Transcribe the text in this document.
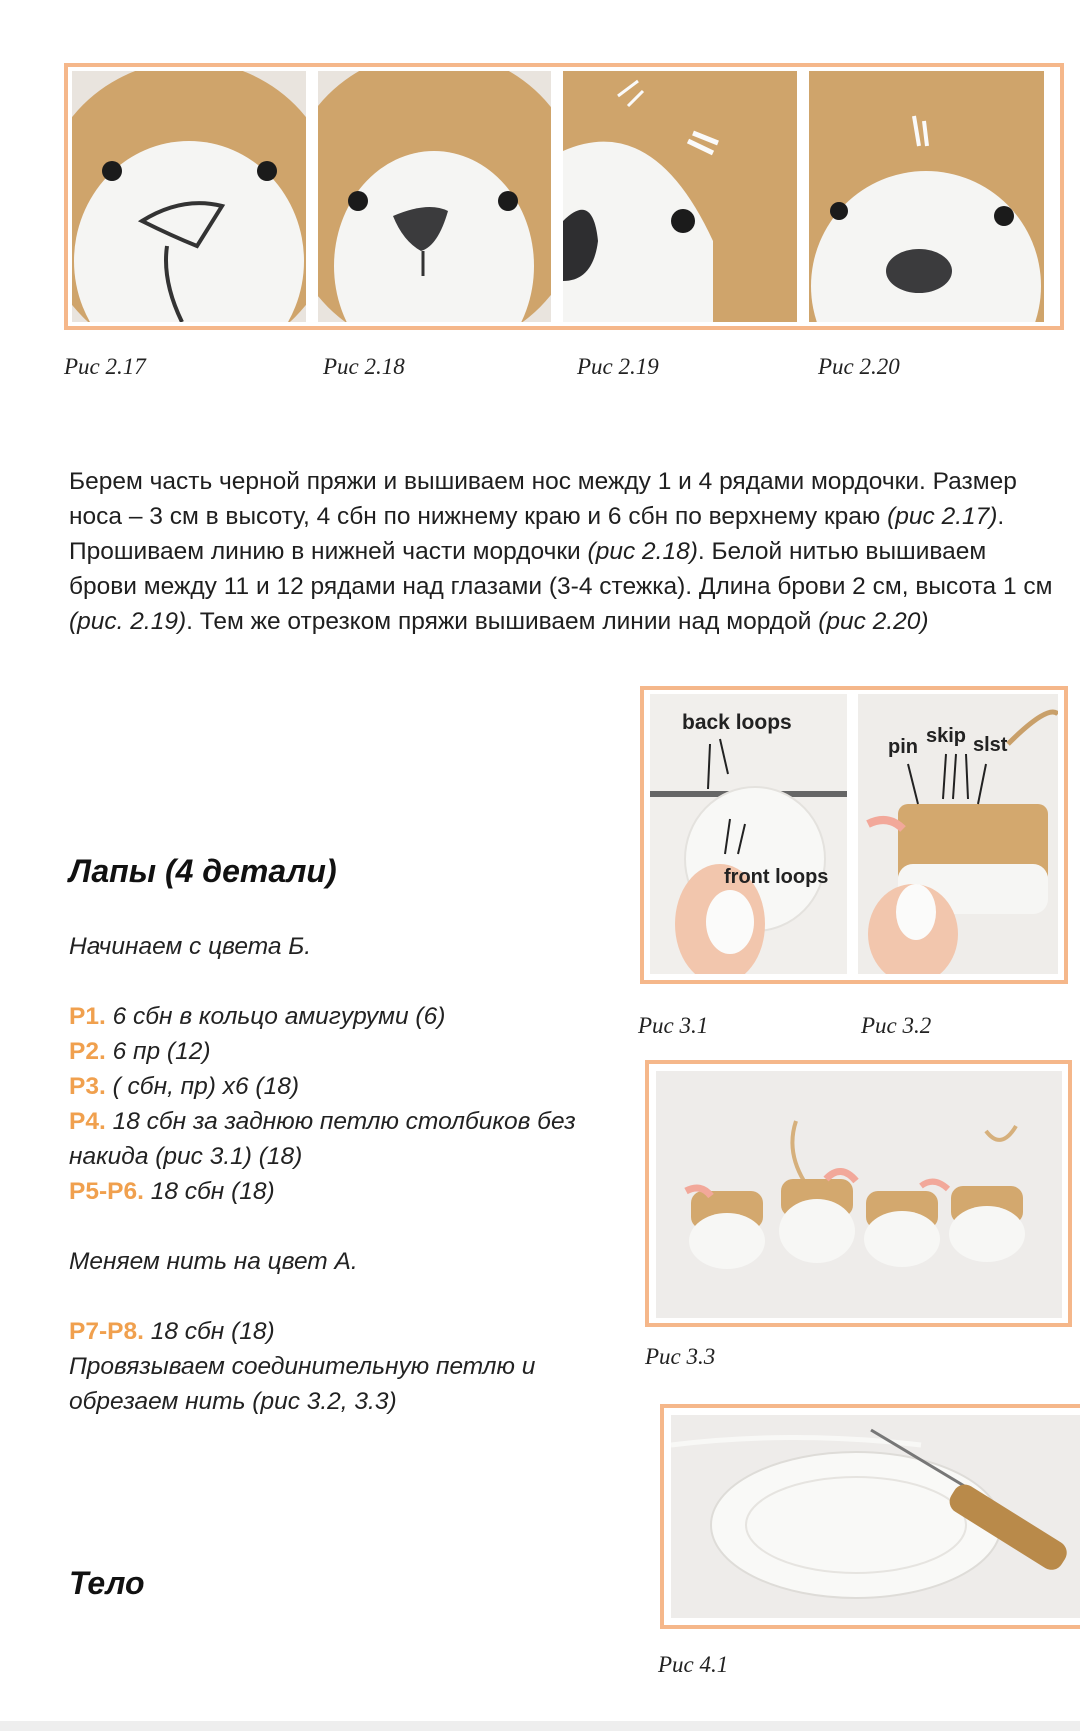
Рис 2.17	Рис 2.18	Рис 2.19	Рис 2.20
Берем часть черной пряжи и вышиваем нос между 1 и 4 рядами мордочки. Размер носа – 3 см в высоту, 4 сбн по нижнему краю и 6 сбн по верхнему краю (рис 2.17). Прошиваем линию в нижней части мордочки (рис 2.18). Белой нитью вышиваем брови между 11 и 12 рядами над глазами (3-4 стежка). Длина брови 2 см, высота 1 см (рис. 2.19). Тем же отрезком пряжи вышиваем линии над мордой (рис 2.20)
Лапы (4 детали)
Начинаем с цвета Б.
Р1. 6 сбн в кольцо амигуруми (6)
Р2. 6 пр (12)
Р3. ( сбн, пр) х6 (18)
Р4. 18 сбн за заднюю петлю столбиков без
накида (рис 3.1) (18)
Р5-Р6. 18 сбн (18)
Меняем нить на цвет А.
Р7-Р8. 18 сбн (18)
Провязываем соединительную петлю и
обрезаем нить (рис 3.2, 3.3)
Тело
back loops
front loops
pin skip slst
Рис 3.1	Рис 3.2
Рис 3.3
Рис 4.1
